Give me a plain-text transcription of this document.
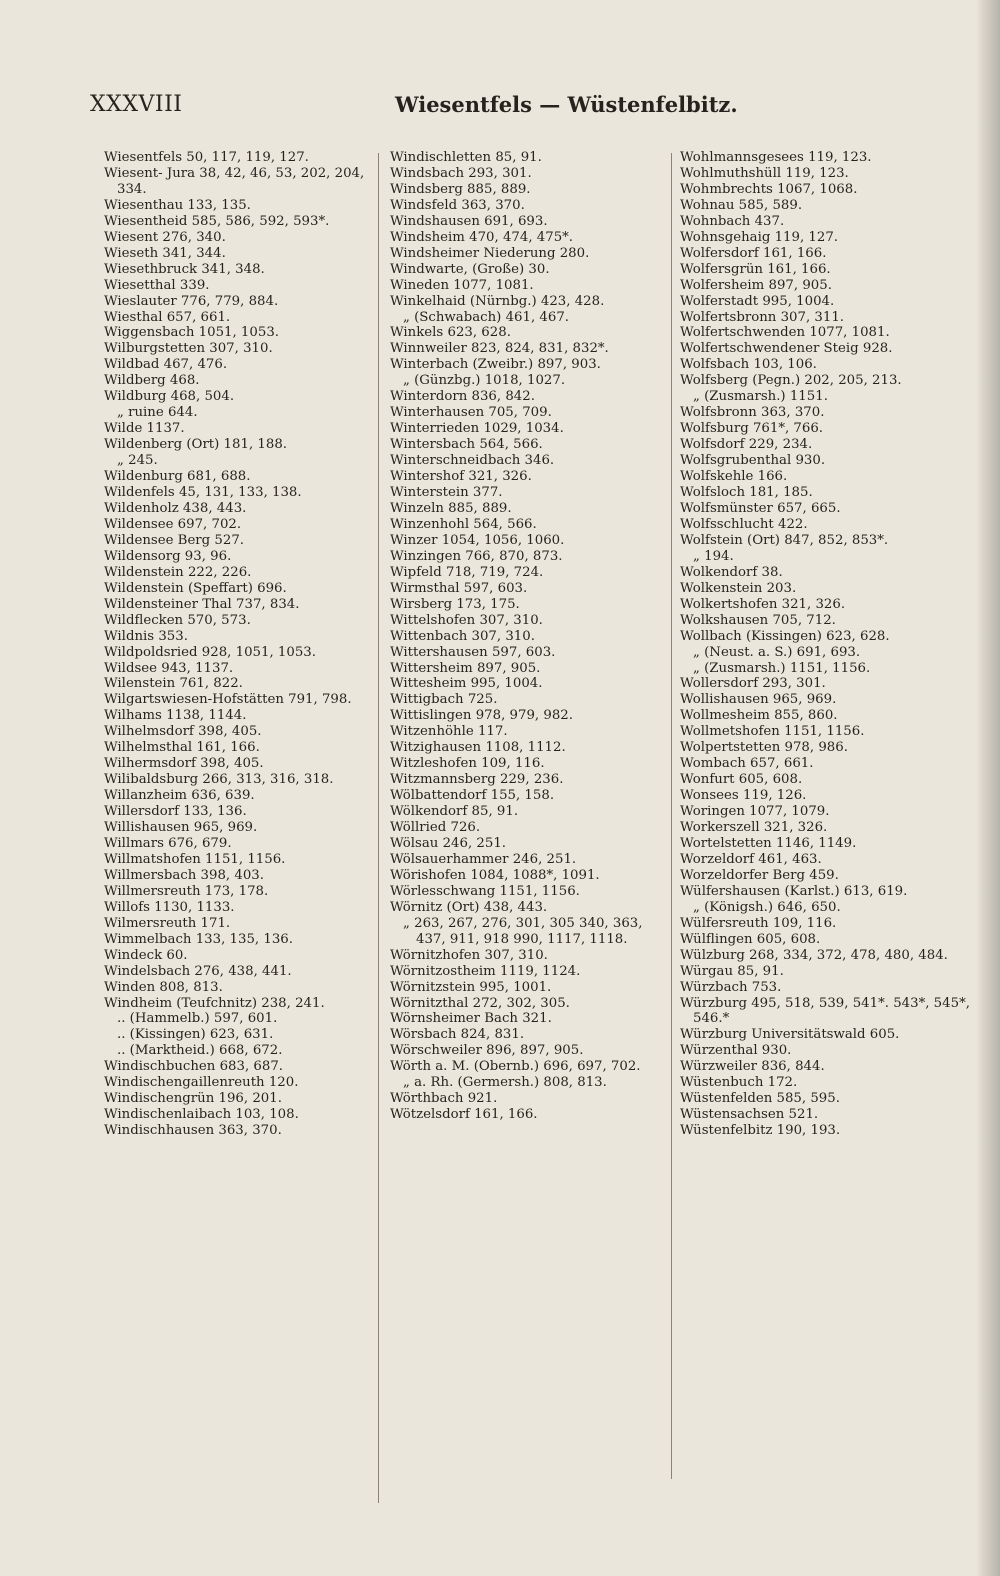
XXXVIII	Wiesentfels — Wüstenfelbitz.
Wiesentfels 50, 117, 119, 127.
Wiesent- Jura 38, 42, 46, 53, 202, 204, 334.
Wiesenthau 133, 135.
Wiesentheid 585, 586, 592, 593*.
Wiesent 276, 340.
Wieseth 341, 344.
Wiesethbruck 341, 348.
Wiesetthal 339.
Wieslauter 776, 779, 884.
Wiesthal 657, 661.
Wiggensbach 1051, 1053.
Wilburgstetten 307, 310.
Wildbad 467, 476.
Wildberg 468.
Wildburg 468, 504.
„ ruine 644.
Wilde 1137.
Wildenberg (Ort) 181, 188.
„ 245.
Wildenburg 681, 688.
Wildenfels 45, 131, 133, 138.
Wildenholz 438, 443.
Wildensee 697, 702.
Wildensee Berg 527.
Wildensorg 93, 96.
Wildenstein 222, 226.
Wildenstein (Speffart) 696.
Wildensteiner Thal 737, 834.
Wildflecken 570, 573.
Wildnis 353.
Wildpoldsried 928, 1051, 1053.
Wildsee 943, 1137.
Wilenstein 761, 822.
Wilgartswiesen-Hofstätten 791, 798.
Wilhams 1138, 1144.
Wilhelmsdorf 398, 405.
Wilhelmsthal 161, 166.
Wilhermsdorf 398, 405.
Wilibaldsburg 266, 313, 316, 318.
Willanzheim 636, 639.
Willersdorf 133, 136.
Willishausen 965, 969.
Willmars 676, 679.
Willmatshofen 1151, 1156.
Willmersbach 398, 403.
Willmersreuth 173, 178.
Willofs 1130, 1133.
Wilmersreuth 171.
Wimmelbach 133, 135, 136.
Windeck 60.
Windelsbach 276, 438, 441.
Winden 808, 813.
Windheim (Teufchnitz) 238, 241.
.. (Hammelb.) 597, 601.
.. (Kissingen) 623, 631.
.. (Marktheid.) 668, 672.
Windischbuchen 683, 687.
Windischengaillenreuth 120.
Windischengrün 196, 201.
Windischenlaibach 103, 108.
Windischhausen 363, 370.
Windischletten 85, 91.
Windsbach 293, 301.
Windsberg 885, 889.
Windsfeld 363, 370.
Windshausen 691, 693.
Windsheim 470, 474, 475*.
Windsheimer Niederung 280.
Windwarte, (Große) 30.
Wineden 1077, 1081.
Winkelhaid (Nürnbg.) 423, 428.
„ (Schwabach) 461, 467.
Winkels 623, 628.
Winnweiler 823, 824, 831, 832*.
Winterbach (Zweibr.) 897, 903.
„ (Günzbg.) 1018, 1027.
Winterdorn 836, 842.
Winterhausen 705, 709.
Winterrieden 1029, 1034.
Wintersbach 564, 566.
Winterschneidbach 346.
Wintershof 321, 326.
Winterstein 377.
Winzeln 885, 889.
Winzenhohl 564, 566.
Winzer 1054, 1056, 1060.
Winzingen 766, 870, 873.
Wipfeld 718, 719, 724.
Wirmsthal 597, 603.
Wirsberg 173, 175.
Wittelshofen 307, 310.
Wittenbach 307, 310.
Wittershausen 597, 603.
Wittersheim 897, 905.
Wittesheim 995, 1004.
Wittigbach 725.
Wittislingen 978, 979, 982.
Witzenhöhle 117.
Witzighausen 1108, 1112.
Witzleshofen 109, 116.
Witzmannsberg 229, 236.
Wölbattendorf 155, 158.
Wölkendorf 85, 91.
Wöllried 726.
Wölsau 246, 251.
Wölsauerhammer 246, 251.
Wörishofen 1084, 1088*, 1091.
Wörlesschwang 1151, 1156.
Wörnitz (Ort) 438, 443.
„ 263, 267, 276, 301, 305 340, 363, 437, 911, 918 990, 1117, 1118.
Wörnitzhofen 307, 310.
Wörnitzostheim 1119, 1124.
Wörnitzstein 995, 1001.
Wörnitzthal 272, 302, 305.
Wörnsheimer Bach 321.
Wörsbach 824, 831.
Wörschweiler 896, 897, 905.
Wörth a. M. (Obernb.) 696, 697, 702.
„ a. Rh. (Germersh.) 808, 813.
Wörthbach 921.
Wötzelsdorf 161, 166.
Wohlmannsgesees 119, 123.
Wohlmuthshüll 119, 123.
Wohmbrechts 1067, 1068.
Wohnau 585, 589.
Wohnbach 437.
Wohnsgehaig 119, 127.
Wolfersdorf 161, 166.
Wolfersgrün 161, 166.
Wolfersheim 897, 905.
Wolferstadt 995, 1004.
Wolfertsbronn 307, 311.
Wolfertschwenden 1077, 1081.
Wolfertschwendener Steig 928.
Wolfsbach 103, 106.
Wolfsberg (Pegn.) 202, 205, 213.
„ (Zusmarsh.) 1151.
Wolfsbronn 363, 370.
Wolfsburg 761*, 766.
Wolfsdorf 229, 234.
Wolfsgrubenthal 930.
Wolfskehle 166.
Wolfsloch 181, 185.
Wolfsmünster 657, 665.
Wolfsschlucht 422.
Wolfstein (Ort) 847, 852, 853*.
„ 194.
Wolkendorf 38.
Wolkenstein 203.
Wolkertshofen 321, 326.
Wolkshausen 705, 712.
Wollbach (Kissingen) 623, 628.
„ (Neust. a. S.) 691, 693.
„ (Zusmarsh.) 1151, 1156.
Wollersdorf 293, 301.
Wollishausen 965, 969.
Wollmesheim 855, 860.
Wollmetshofen 1151, 1156.
Wolpertstetten 978, 986.
Wombach 657, 661.
Wonfurt 605, 608.
Wonsees 119, 126.
Woringen 1077, 1079.
Workerszell 321, 326.
Wortelstetten 1146, 1149.
Worzeldorf 461, 463.
Worzeldorfer Berg 459.
Wülfershausen (Karlst.) 613, 619.
„ (Königsh.) 646, 650.
Wülfersreuth 109, 116.
Wülflingen 605, 608.
Wülzburg 268, 334, 372, 478, 480, 484.
Würgau 85, 91.
Würzbach 753.
Würzburg 495, 518, 539, 541*. 543*, 545*, 546.*
Würzburg Universitätswald 605.
Würzenthal 930.
Würzweiler 836, 844.
Wüstenbuch 172.
Wüstenfelden 585, 595.
Wüstensachsen 521.
Wüstenfelbitz 190, 193.
